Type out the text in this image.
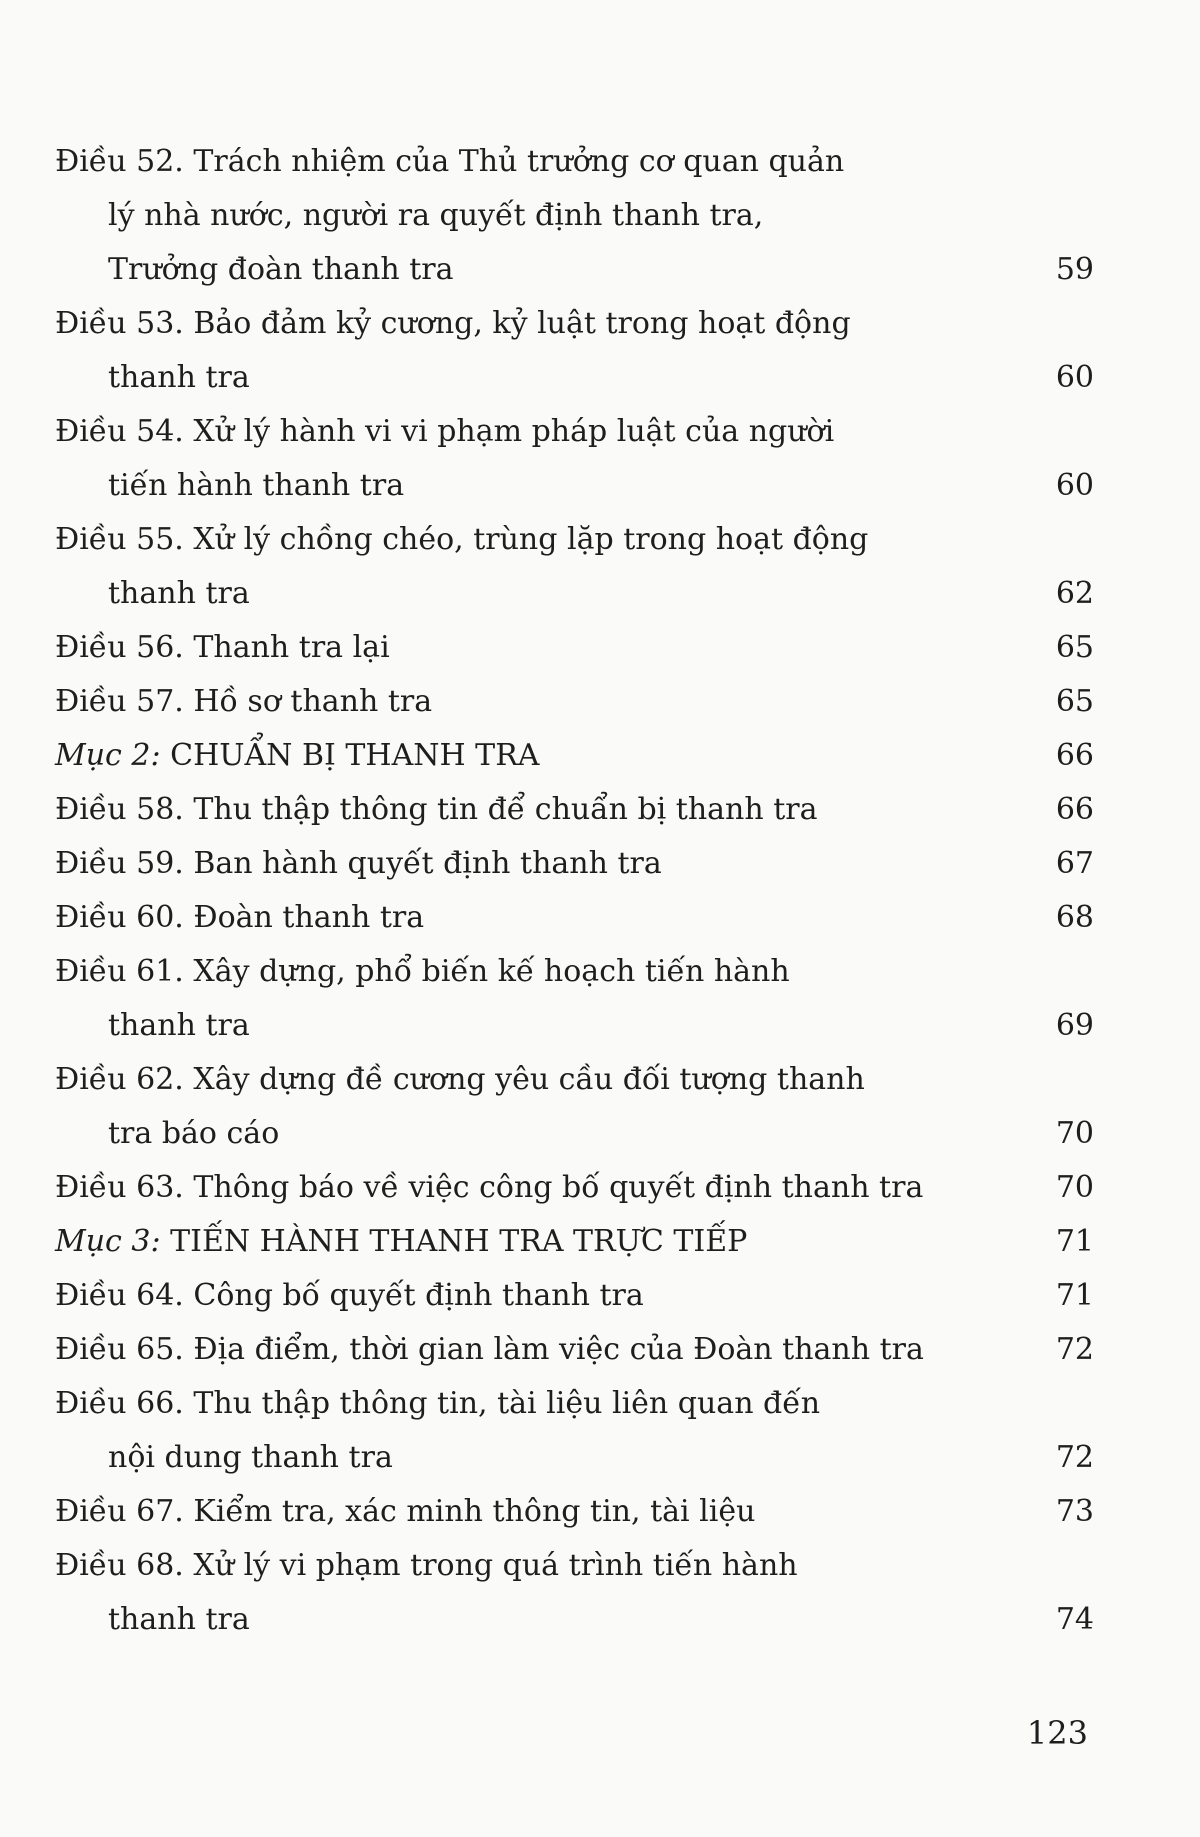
Điều 52. Trách nhiệm của Thủ trưởng cơ quan quản
lý nhà nước, người ra quyết định thanh tra,
Trưởng đoàn thanh tra	59
Điều 53. Bảo đảm kỷ cương, kỷ luật trong hoạt động
thanh tra	60
Điều 54. Xử lý hành vi vi phạm pháp luật của người
tiến hành thanh tra	60
Điều 55. Xử lý chồng chéo, trùng lặp trong hoạt động
thanh tra	62
Điều 56. Thanh tra lại	65
Điều 57. Hồ sơ thanh tra	65
Mục 2: CHUẨN BỊ THANH TRA	66
Điều 58. Thu thập thông tin để chuẩn bị thanh tra	66
Điều 59. Ban hành quyết định thanh tra	67
Điều 60. Đoàn thanh tra	68
Điều 61. Xây dựng, phổ biến kế hoạch tiến hành
thanh tra	69
Điều 62. Xây dựng đề cương yêu cầu đối tượng thanh
tra báo cáo	70
Điều 63. Thông báo về việc công bố quyết định thanh tra	70
Mục 3: TIẾN HÀNH THANH TRA TRỰC TIẾP	71
Điều 64. Công bố quyết định thanh tra	71
Điều 65. Địa điểm, thời gian làm việc của Đoàn thanh tra	72
Điều 66. Thu thập thông tin, tài liệu liên quan đến
nội dung thanh tra	72
Điều 67. Kiểm tra, xác minh thông tin, tài liệu	73
Điều 68. Xử lý vi phạm trong quá trình tiến hành
thanh tra	74
123
